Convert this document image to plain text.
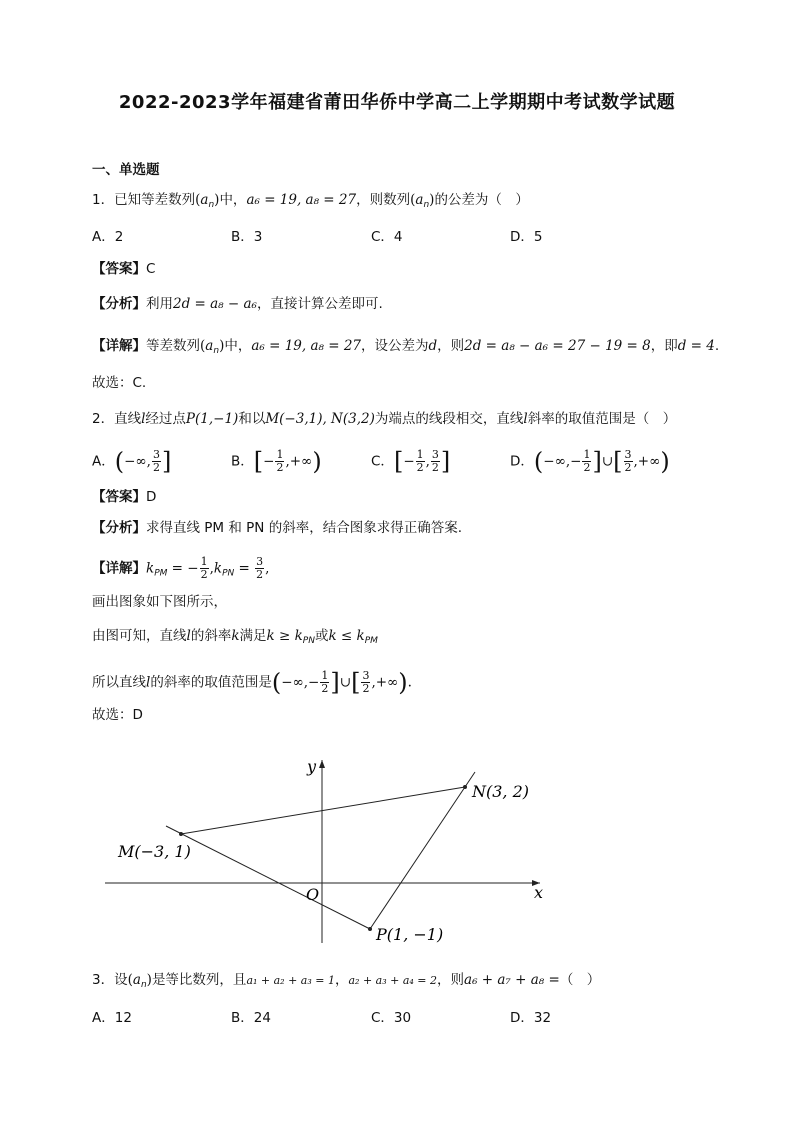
2022-2023学年福建省莆田华侨中学高二上学期期中考试数学试题
一、单选题
1．已知等差数列$(a_n)$中，a₆ = 19, a₈ = 27，则数列$(a_n)$的公差为（　）
A．2	B．3	C．4	D．5
【答案】C
【分析】利用2d = a₈ − a₆，直接计算公差即可.
【详解】等差数列$(a_n)$中，a₆ = 19, a₈ = 27，设公差为d，则2d = a₈ − a₆ = 27 − 19 = 8，即d = 4.
故选：C.
2．直线l经过点P(1,−1)和以M(−3,1), N(3,2)为端点的线段相交，直线l斜率的取值范围是（　）
A．(−∞, $\frac{3}{2}$ ]	B．[− $\frac{1}{2}$ ,+∞)	C．[− $\frac{1}{2}$ , $\frac{3}{2}$ ]	D．(−∞,− $\frac{1}{2}$ ]∪[ $\frac{3}{2}$ ,+∞)
【答案】D
【分析】求得直线 PM 和 PN 的斜率，结合图象求得正确答案.
【详解】$k_{PM}$ = − $\frac{1}{2} ,k_{PN} = \frac{3}{2}$ ,
画出图象如下图所示，
由图可知，直线l的斜率k满足$k \ge k_{PN}$或$k \le k_{PM}$
所以直线l的斜率的取值范围是(−∞,− $\frac{1}{2}$ ]∪[ $\frac{3}{2}$ ,+∞).
故选：D
x
y
O
M(−3, 1)
N(3, 2)
P(1, −1)
3．设$(a_n)$是等比数列，且a₁ + a₂ + a₃ = 1，a₂ + a₃ + a₄ = 2，则a₆ + a₇ + a₈ =（　）
A．12	B．24	C．30	D．32
